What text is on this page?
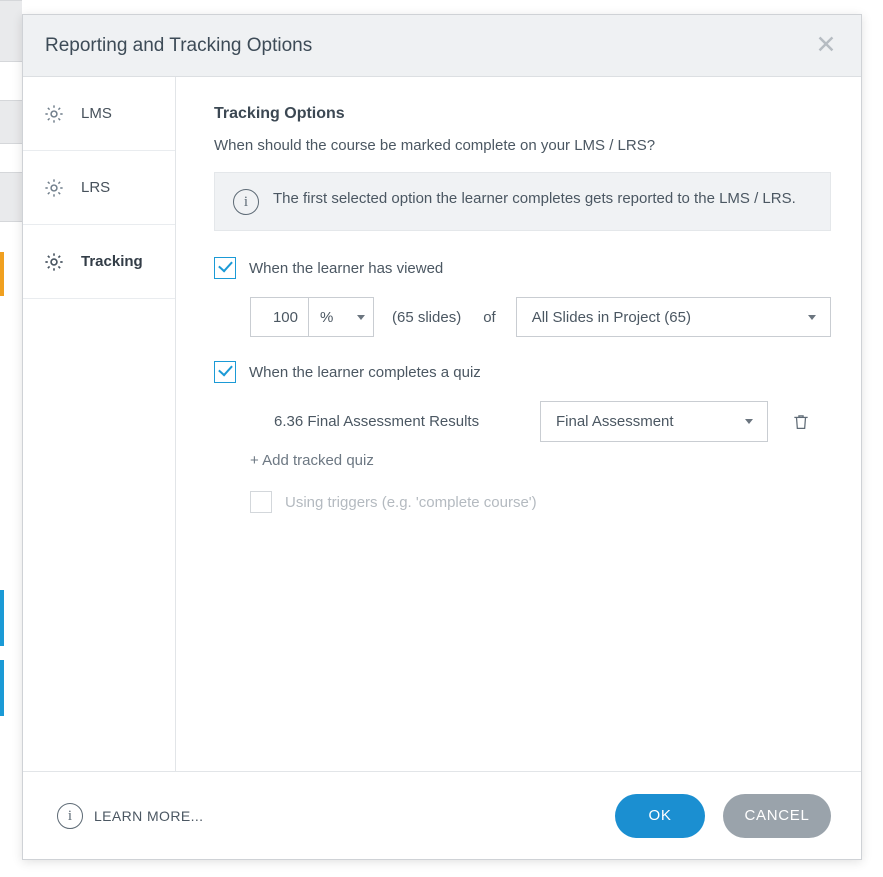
Reporting and Tracking Options	✕
LMS
LRS
Tracking
Tracking Options
When should the course be marked complete on your LMS / LRS?
i	The first selected option the learner completes gets reported to the LMS / LRS.
When the learner has viewed
100
%	(65 slides) of All Slides in Project (65)
When the learner completes a quiz
6.36 Final Assessment Results	Final Assessment
+ Add tracked quiz
Using triggers (e.g. 'complete course')
i	LEARN MORE...	OK	CANCEL
